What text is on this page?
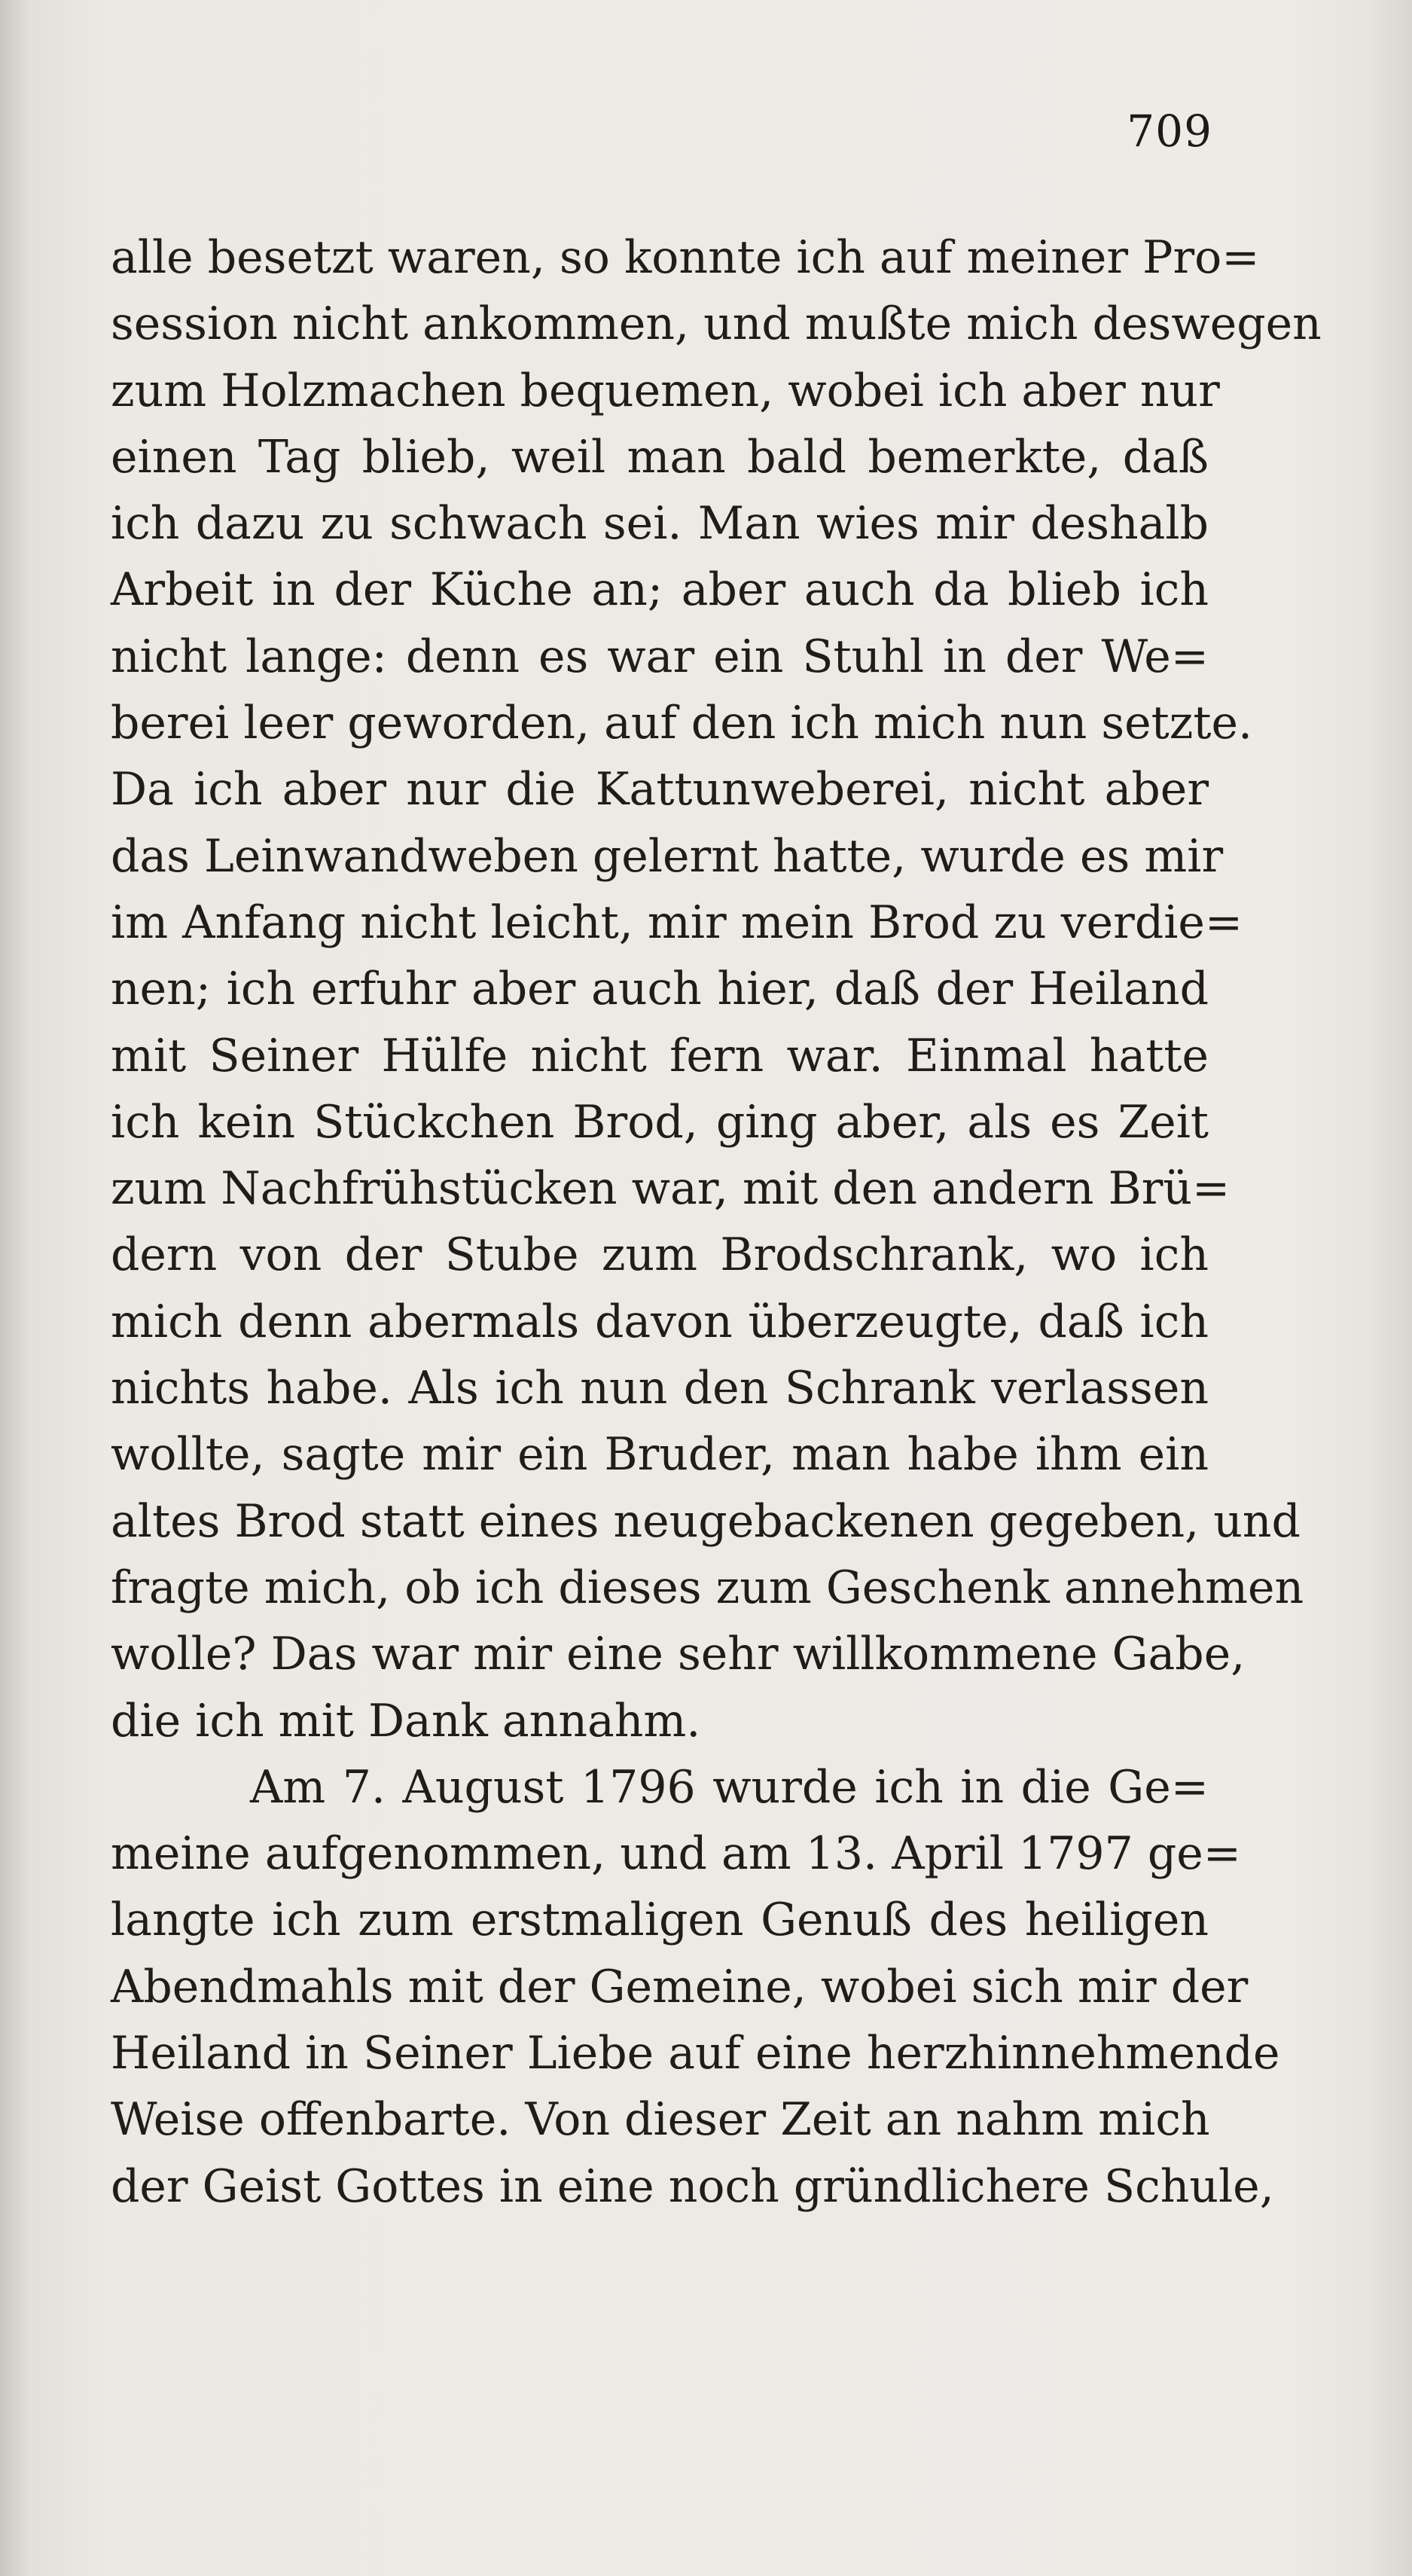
709
alle besetzt waren, so konnte ich auf meiner Pro=
session nicht ankommen, und mußte mich deswegen
zum Holzmachen bequemen, wobei ich aber nur
einen Tag blieb, weil man bald bemerkte, daß
ich dazu zu schwach sei. Man wies mir deshalb
Arbeit in der Küche an; aber auch da blieb ich
nicht lange: denn es war ein Stuhl in der We=
berei leer geworden, auf den ich mich nun setzte.
Da ich aber nur die Kattunweberei, nicht aber
das Leinwandweben gelernt hatte, wurde es mir
im Anfang nicht leicht, mir mein Brod zu verdie=
nen; ich erfuhr aber auch hier, daß der Heiland
mit Seiner Hülfe nicht fern war. Einmal hatte
ich kein Stückchen Brod, ging aber, als es Zeit
zum Nachfrühstücken war, mit den andern Brü=
dern von der Stube zum Brodschrank, wo ich
mich denn abermals davon überzeugte, daß ich
nichts habe. Als ich nun den Schrank verlassen
wollte, sagte mir ein Bruder, man habe ihm ein
altes Brod statt eines neugebackenen gegeben, und
fragte mich, ob ich dieses zum Geschenk annehmen
wolle? Das war mir eine sehr willkommene Gabe,
die ich mit Dank annahm.
Am 7. August 1796 wurde ich in die Ge=
meine aufgenommen, und am 13. April 1797 ge=
langte ich zum erstmaligen Genuß des heiligen
Abendmahls mit der Gemeine, wobei sich mir der
Heiland in Seiner Liebe auf eine herzhinnehmende
Weise offenbarte. Von dieser Zeit an nahm mich
der Geist Gottes in eine noch gründlichere Schule,
